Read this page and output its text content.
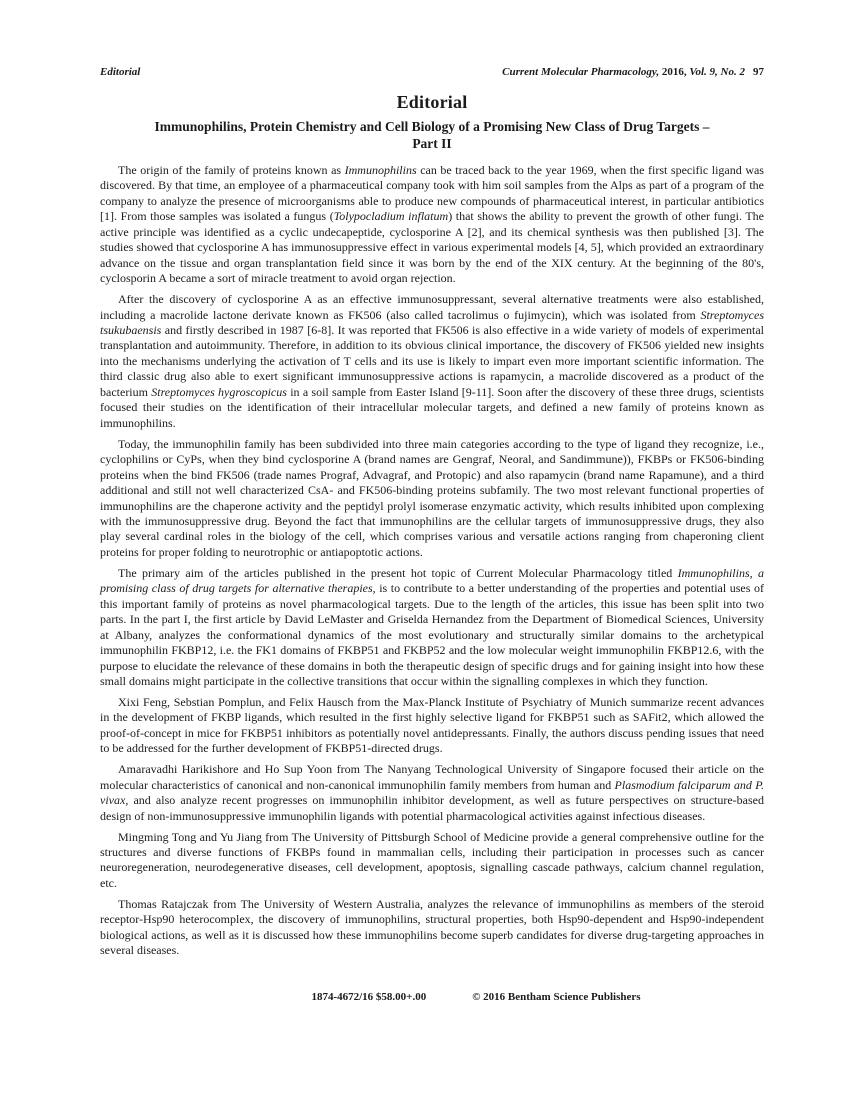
Editorial	Current Molecular Pharmacology, 2016, Vol. 9, No. 2 97
Editorial
Immunophilins, Protein Chemistry and Cell Biology of a Promising New Class of Drug Targets –
Part II

The origin of the family of proteins known as Immunophilins can be traced back to the year 1969, when the first specific ligand was discovered. By that time, an employee of a pharmaceutical company took with him soil samples from the Alps as part of a program of the company to analyze the presence of microorganisms able to produce new compounds of pharmaceutical interest, in particular antibiotics [1]. From those samples was isolated a fungus (Tolypocladium inflatum) that shows the ability to prevent the growth of other fungi. The active principle was identified as a cyclic undecapeptide, cyclosporine A [2], and its chemical synthesis was then published [3]. The studies showed that cyclosporine A has immunosuppressive effect in various experimental models [4, 5], which provided an extraordinary advance on the tissue and organ transplantation field since it was born by the end of the XIX century. At the beginning of the 80's, cyclosporin A became a sort of miracle treatment to avoid organ rejection.

After the discovery of cyclosporine A as an effective immunosuppressant, several alternative treatments were also established, including a macrolide lactone derivate known as FK506 (also called tacrolimus o fujimycin), which was isolated from Streptomyces tsukubaensis and firstly described in 1987 [6-8]. It was reported that FK506 is also effective in a wide variety of models of experimental transplantation and autoimmunity. Therefore, in addition to its obvious clinical importance, the discovery of FK506 yielded new insights into the mechanisms underlying the activation of T cells and its use is likely to impart even more important scientific information. The third classic drug also able to exert significant immunosuppressive actions is rapamycin, a macrolide discovered as a product of the bacterium Streptomyces hygroscopicus in a soil sample from Easter Island [9-11]. Soon after the discovery of these three drugs, scientists focused their studies on the identification of their intracellular molecular targets, and defined a new family of proteins known as immunophilins.

Today, the immunophilin family has been subdivided into three main categories according to the type of ligand they recognize, i.e., cyclophilins or CyPs, when they bind cyclosporine A (brand names are Gengraf, Neoral, and Sandimmune)), FKBPs or FK506-binding proteins when the bind FK506 (trade names Prograf, Advagraf, and Protopic) and also rapamycin (brand name Rapamune), and a third additional and still not well characterized CsA- and FK506-binding proteins subfamily. The two most relevant functional properties of immunophilins are the chaperone activity and the peptidyl prolyl isomerase enzymatic activity, which results inhibited upon complexing with the immunosuppressive drug. Beyond the fact that immunophilins are the cellular targets of immunosuppressive drugs, they also play several cardinal roles in the biology of the cell, which comprises various and versatile actions ranging from chaperoning client proteins for proper folding to neurotrophic or antiapoptotic actions.

The primary aim of the articles published in the present hot topic of Current Molecular Pharmacology titled Immunophilins, a promising class of drug targets for alternative therapies, is to contribute to a better understanding of the properties and potential uses of this important family of proteins as novel pharmacological targets. Due to the length of the articles, this issue has been split into two parts. In the part I, the first article by David LeMaster and Griselda Hernandez from the Department of Biomedical Sciences, University at Albany, analyzes the conformational dynamics of the most evolutionary and structurally similar domains to the archetypical immunophilin FKBP12, i.e. the FK1 domains of FKBP51 and FKBP52 and the low molecular weight immunophilin FKBP12.6, with the purpose to elucidate the relevance of these domains in both the therapeutic design of specific drugs and for gaining insight into how these small domains might participate in the collective transitions that occur within the signalling complexes in which they function.

Xixi Feng, Sebstian Pomplun, and Felix Hausch from the Max-Planck Institute of Psychiatry of Munich summarize recent advances in the development of FKBP ligands, which resulted in the first highly selective ligand for FKBP51 such as SAFit2, which allowed the proof-of-concept in mice for FKBP51 inhibitors as potentially novel antidepressants. Finally, the authors discuss pending issues that need to be addressed for the further development of FKBP51-directed drugs.

Amaravadhi Harikishore and Ho Sup Yoon from The Nanyang Technological University of Singapore focused their article on the molecular characteristics of canonical and non-canonical immunophilin family members from human and Plasmodium falciparum and P. vivax, and also analyze recent progresses on immunophilin inhibitor development, as well as future perspectives on structure-based design of non-immunosuppressive immunophilin ligands with potential pharmacological activities against infectious diseases.

Mingming Tong and Yu Jiang from The University of Pittsburgh School of Medicine provide a general comprehensive outline for the structures and diverse functions of FKBPs found in mammalian cells, including their participation in processes such as cancer neuroregeneration, neurodegenerative diseases, cell development, apoptosis, signalling cascade pathways, calcium channel regulation, etc.

Thomas Ratajczak from The University of Western Australia, analyzes the relevance of immunophilins as members of the steroid receptor-Hsp90 heterocomplex, the discovery of immunophilins, structural properties, both Hsp90-dependent and Hsp90-independent biological actions, as well as it is discussed how these immunophilins become superb candidates for diverse drug-targeting approaches in several diseases.

1874-4672/16 $58.00+.00	© 2016 Bentham Science Publishers
